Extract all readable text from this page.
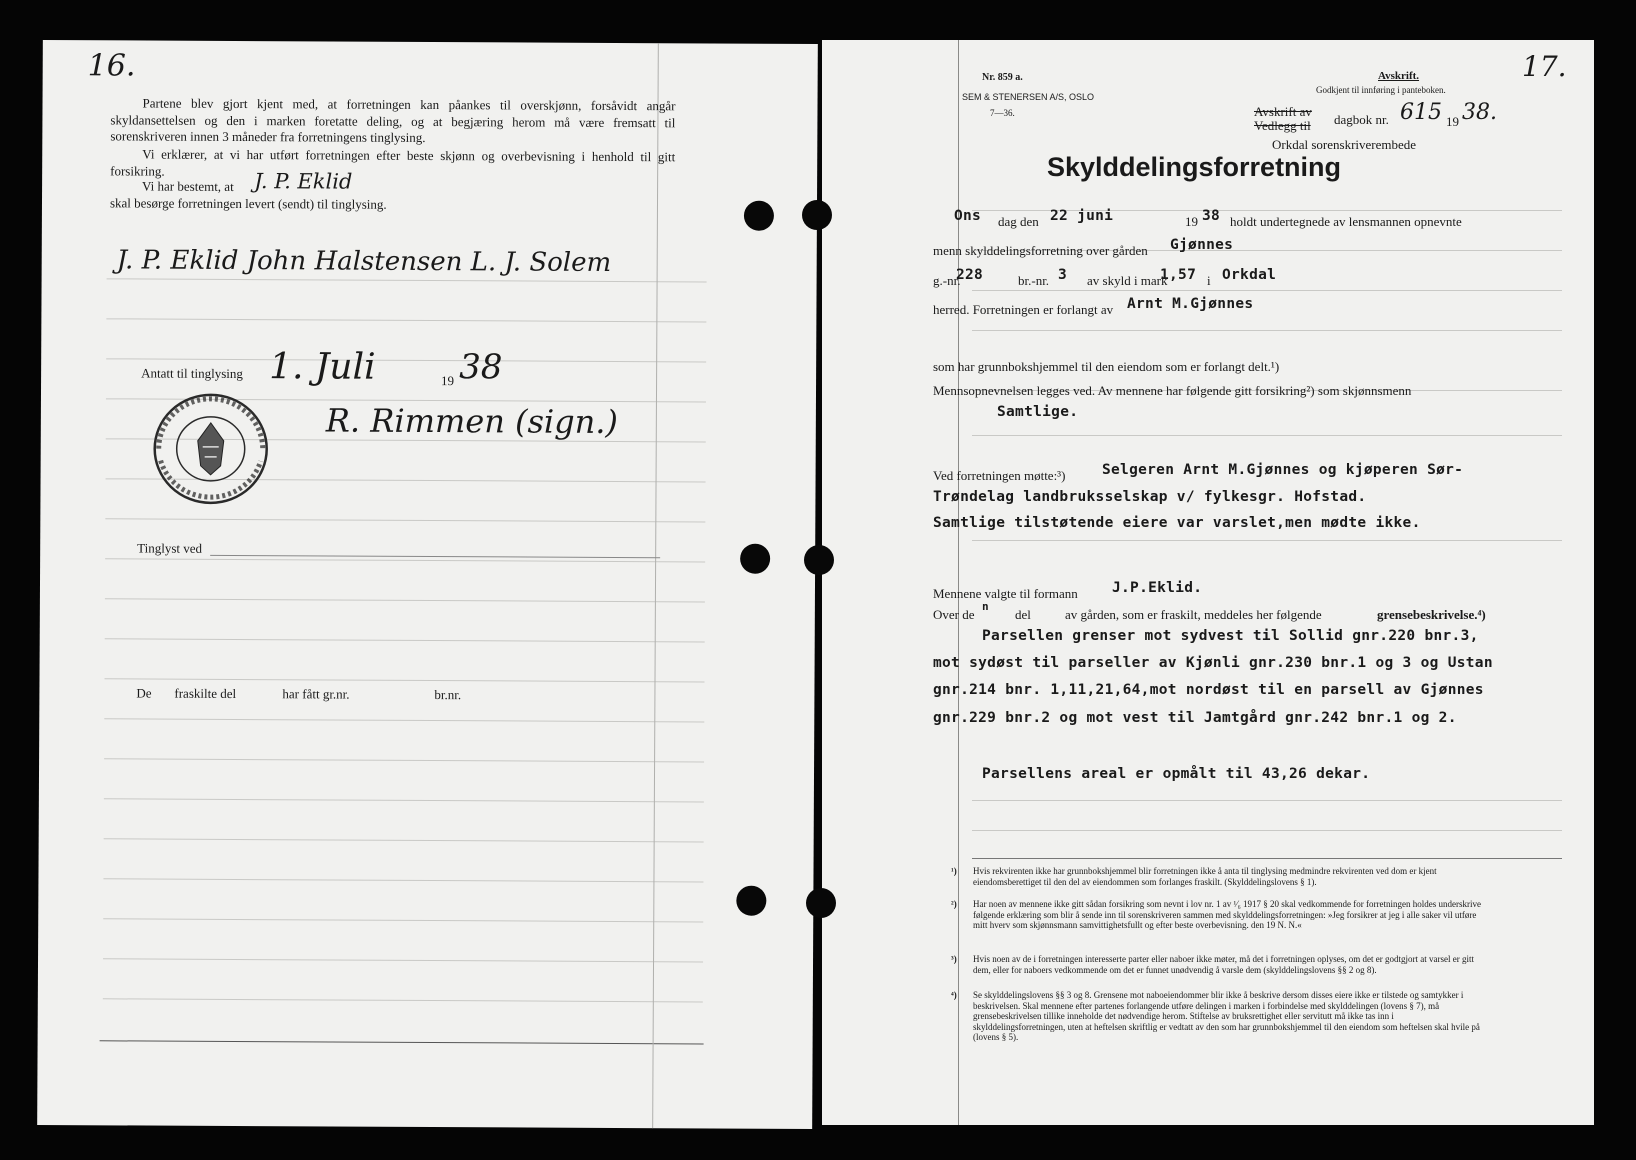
16.
Partene blev gjort kjent med, at forretningen kan påankes til overskjønn, forsåvidt angår skyldansettelsen og den i marken foretatte deling, og at begjæring herom må være fremsatt til sorenskriveren innen 3 måneder fra forretningens tinglysing.
Vi erklærer, at vi har utført forretningen efter beste skjønn og overbevisning i henhold til gitt forsikring.
Vi har bestemt, at J. P. Eklid
skal besørge forretningen levert (sendt) til tinglysing.
J. P. Eklid John Halstensen L. J. Solem
Antatt til tinglysing 1. Juli	19 38
R. Rimmen (sign.)
Tinglyst ved
De fraskilte del	har fått gr.nr.	br.nr.
Nr. 859 a.
SEM & STENERSEN A/S, OSLO
7—36.
Avskrift.
Godkjent til innføring i panteboken.
17.
Avskrift av
Vedlegg til dagbok nr. 615 19 38.
Orkdal sorenskriverembede
Skylddelingsforretning
Ons dag den 22 juni	19 38 holdt undertegnede av lensmannen opnevnte
menn skylddelingsforretning over gården Gjønnes
g.-nr.
228	br.-nr. 3 av skyld i mark
1,57 i Orkdal
herred. Forretningen er forlangt av Arnt M.Gjønnes
som har grunnbokshjemmel til den eiendom som er forlangt delt.¹)
Mennsopnevnelsen legges ved. Av mennene har følgende gitt forsikring²) som skjønnsmenn
Samtlige.
Ved forretningen møtte:³)	Selgeren Arnt M.Gjønnes og kjøperen Sør-
Trøndelag landbruksselskap v/ fylkesgr. Hofstad.
Samtlige tilstøtende eiere var varslet,men mødte ikke.
Mennene valgte til formann J.P.Eklid.
Over de
n
del	av gården, som er fraskilt, meddeles her følgende	grensebeskrivelse.⁴)
Parsellen grenser mot sydvest til Sollid gnr.220 bnr.3,
mot sydøst til parseller av Kjønli gnr.230 bnr.1 og 3 og Ustan
gnr.214 bnr. 1,11,21,64,mot nordøst til en parsell av Gjønnes
gnr.229 bnr.2 og mot vest til Jamtgård gnr.242 bnr.1 og 2.
Parsellens areal er opmålt til 43,26 dekar.
¹)	Hvis rekvirenten ikke har grunnbokshjemmel blir forretningen ikke å anta til tinglysing medmindre rekvirenten ved dom er kjent eiendomsberettiget til den del av eiendommen som forlanges fraskilt. (Skylddelingslovens § 1).
²)	Har noen av mennene ikke gitt sådan forsikring som nevnt i lov nr. 1 av ¹⁄₆ 1917 § 20 skal vedkommende for forretningen holdes underskrive følgende erklæring som blir å sende inn til sorenskriveren sammen med skylddelingsforretningen: »Jeg forsikrer at jeg i alle saker vil utføre mitt hverv som skjønnsmann samvittighetsfullt og efter beste overbevisning. den 19 N. N.«
³)	Hvis noen av de i forretningen interesserte parter eller naboer ikke møter, må det i forretningen oplyses, om det er godtgjort at varsel er gitt dem, eller for naboers vedkommende om det er funnet unødvendig å varsle dem (skylddelingslovens §§ 2 og 8).
⁴)	Se skylddelingslovens §§ 3 og 8. Grensene mot naboeiendommer blir ikke å beskrive dersom disses eiere ikke er tilstede og samtykker i beskrivelsen. Skal mennene efter partenes forlangende utføre delingen i marken i forbindelse med skylddelingen (lovens § 7), må grensebeskrivelsen tillike inneholde det nødvendige herom. Stiftelse av bruksrettighet eller servitutt må ikke tas inn i skylddelingsforretningen, uten at heftelsen skriftlig er vedtatt av den som har grunnbokshjemmel til den eiendom som heftelsen skal hvile på (lovens § 5).
